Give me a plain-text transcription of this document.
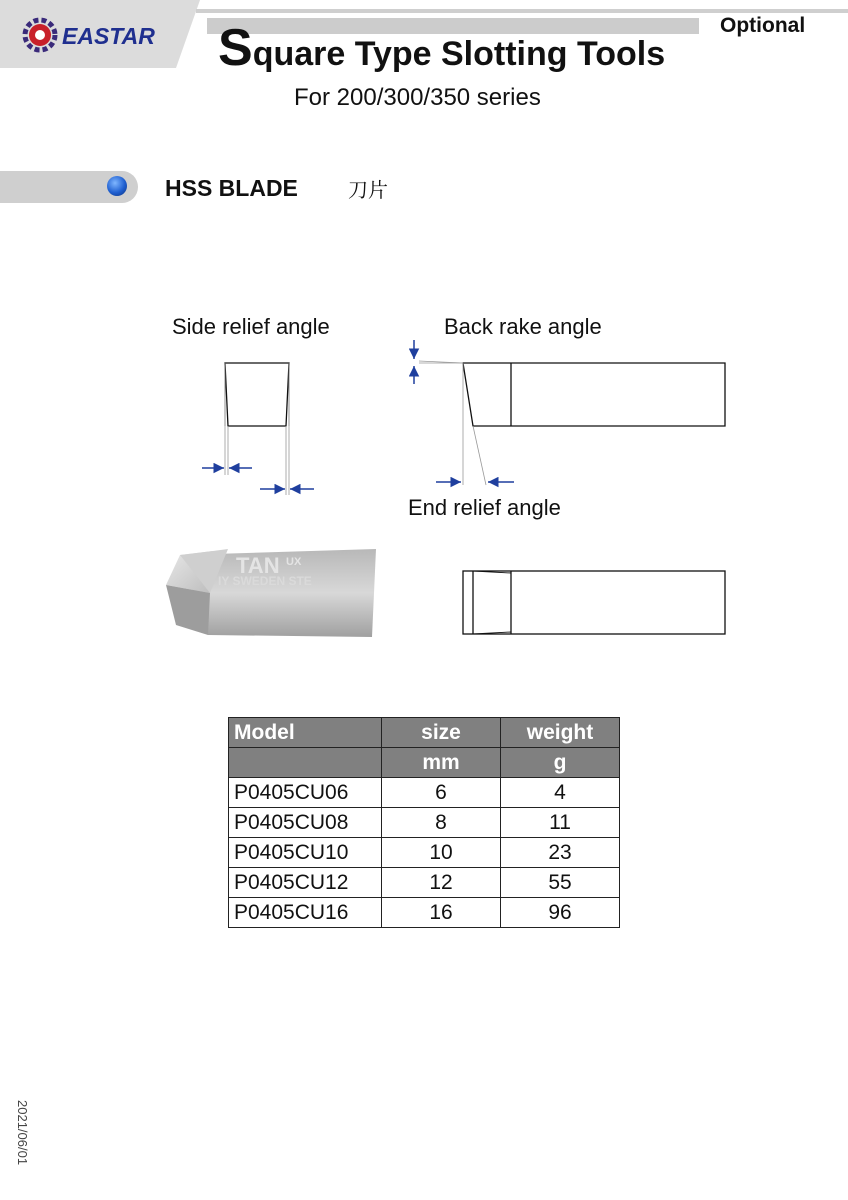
EASTAR Square Type Slotting Tools
Optional
For 200/300/350 series
HSS BLADE	刀片
Side relief angle	Back rake angle
End relief angle
TAN UX
IY SWEDEN STE
Model	size	weight
	mm	g
P0405CU06	6	4
P0405CU08	8	11
P0405CU10	10	23
P0405CU12	12	55
P0405CU16	16	96
2021/06/01
